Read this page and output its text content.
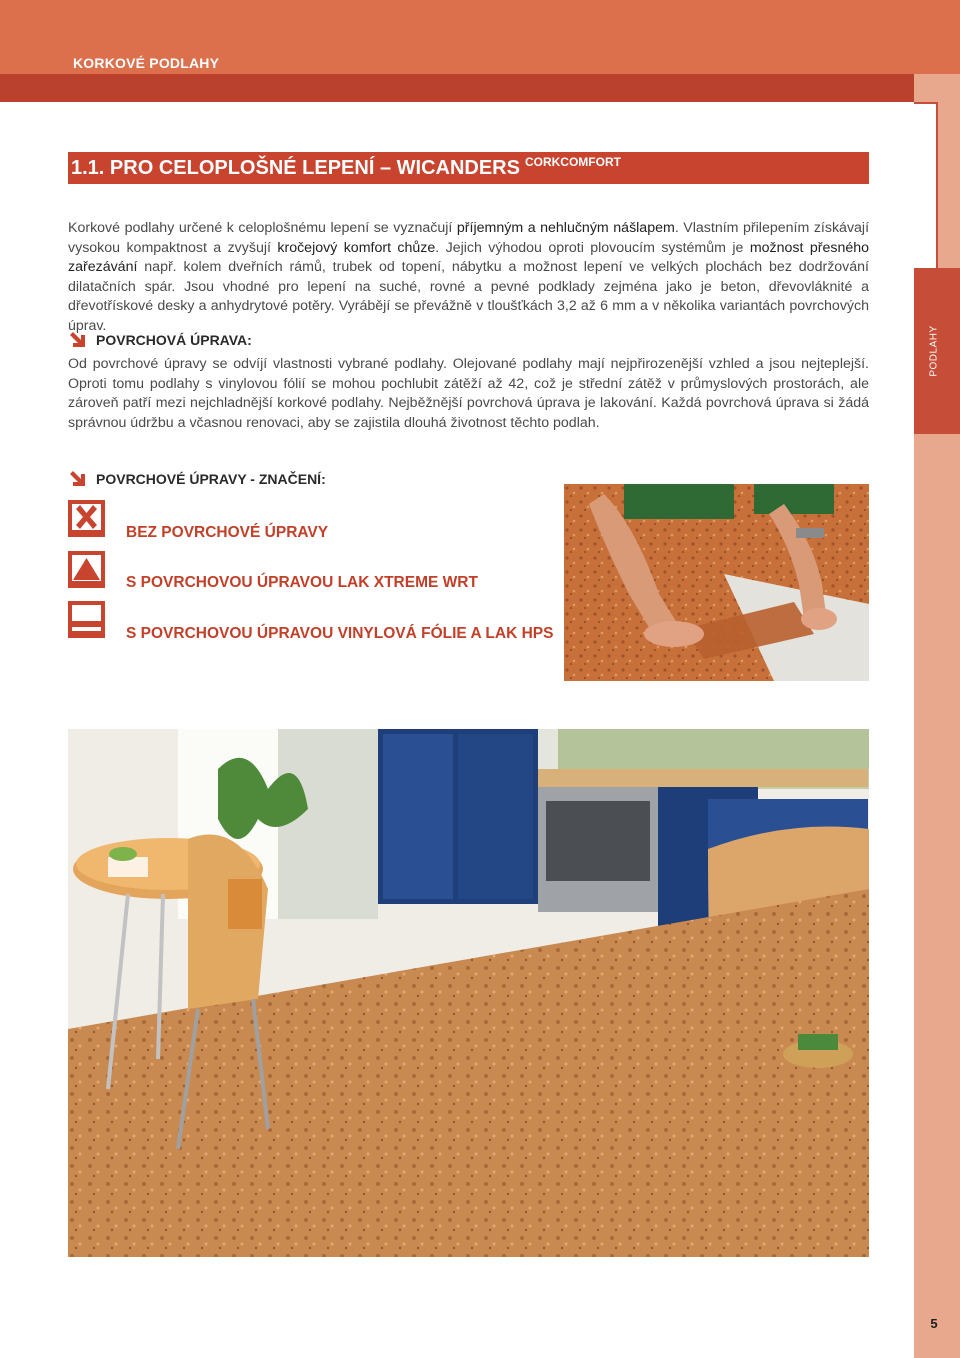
KORKOVÉ PODLAHY
PODLAHY
1.1. PRO CELOPLOŠNÉ LEPENÍ – WICANDERS CORKCOMFORT

Korkové podlahy určené k celoplošnému lepení se vyznačují příjemným a nehlučným nášlapem. Vlastním přilepením získávají vysokou kompaktnost a zvyšují kročejový komfort chůze. Jejich výhodou oproti plovoucím systémům je možnost přesného zařezávání např. kolem dveřních rámů, trubek od topení, nábytku a možnost lepení ve velkých plochách bez dodržování dilatačních spár. Jsou vhodné pro lepení na suché, rovné a pevné podklady zejména jako je beton, dřevovláknité a dřevotřískové desky a anhydrytové potěry. Vyrábějí se převážně v tloušťkách 3,2 až 6 mm a v několika variantách povrchových úprav.

POVRCHOVÁ ÚPRAVA:

Od povrchové úpravy se odvíjí vlastnosti vybrané podlahy. Olejované podlahy mají nejpřirozenější vzhled a jsou nejteplejší. Oproti tomu podlahy s vinylovou fólií se mohou pochlubit zátěží až 42, což je střední zátěž v průmyslových prostorách, ale zároveň patří mezi nejchladnější korkové podlahy. Nejběžnější povrchová úprava je lakování. Každá povrchová úprava si žádá správnou údržbu a včasnou renovaci, aby se zajistila dlouhá životnost těchto podlah.

POVRCHOVÉ ÚPRAVY - ZNAČENÍ:
BEZ POVRCHOVÉ ÚPRAVY
S POVRCHOVOU ÚPRAVOU LAK XTREME WRT
S POVRCHOVOU ÚPRAVOU VINYLOVÁ FÓLIE A LAK HPS
5
